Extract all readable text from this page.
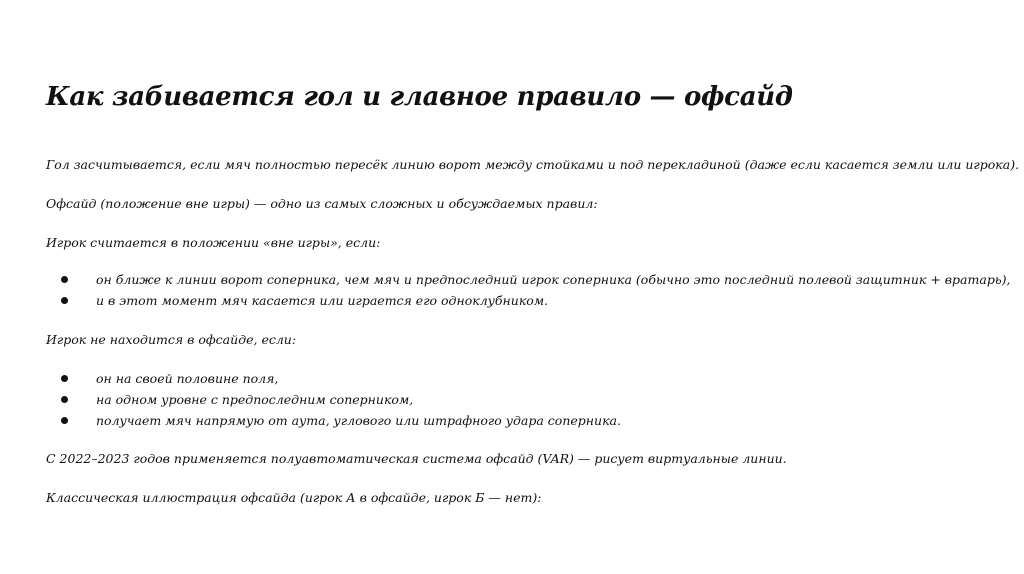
Как забивается гол и главное правило — офсайд

Гол засчитывается, если мяч полностью пересёк линию ворот между стойками и под перекладиной (даже если касается земли или игрока).

Офсайд (положение вне игры) — одно из самых сложных и обсуждаемых правил:

Игрок считается в положении «вне игры», если:

он ближе к линии ворот соперника, чем мяч и предпоследний игрок соперника (обычно это последний полевой защитник + вратарь),
и в этот момент мяч касается или играется его одноклубником.

Игрок не находится в офсайде, если:

он на своей половине поля,
на одном уровне с предпоследним соперником,
получает мяч напрямую от аута, углового или штрафного удара соперника.

С 2022–2023 годов применяется полуавтоматическая система офсайд (VAR) — рисует виртуальные линии.

Классическая иллюстрация офсайда (игрок А в офсайде, игрок Б — нет):
